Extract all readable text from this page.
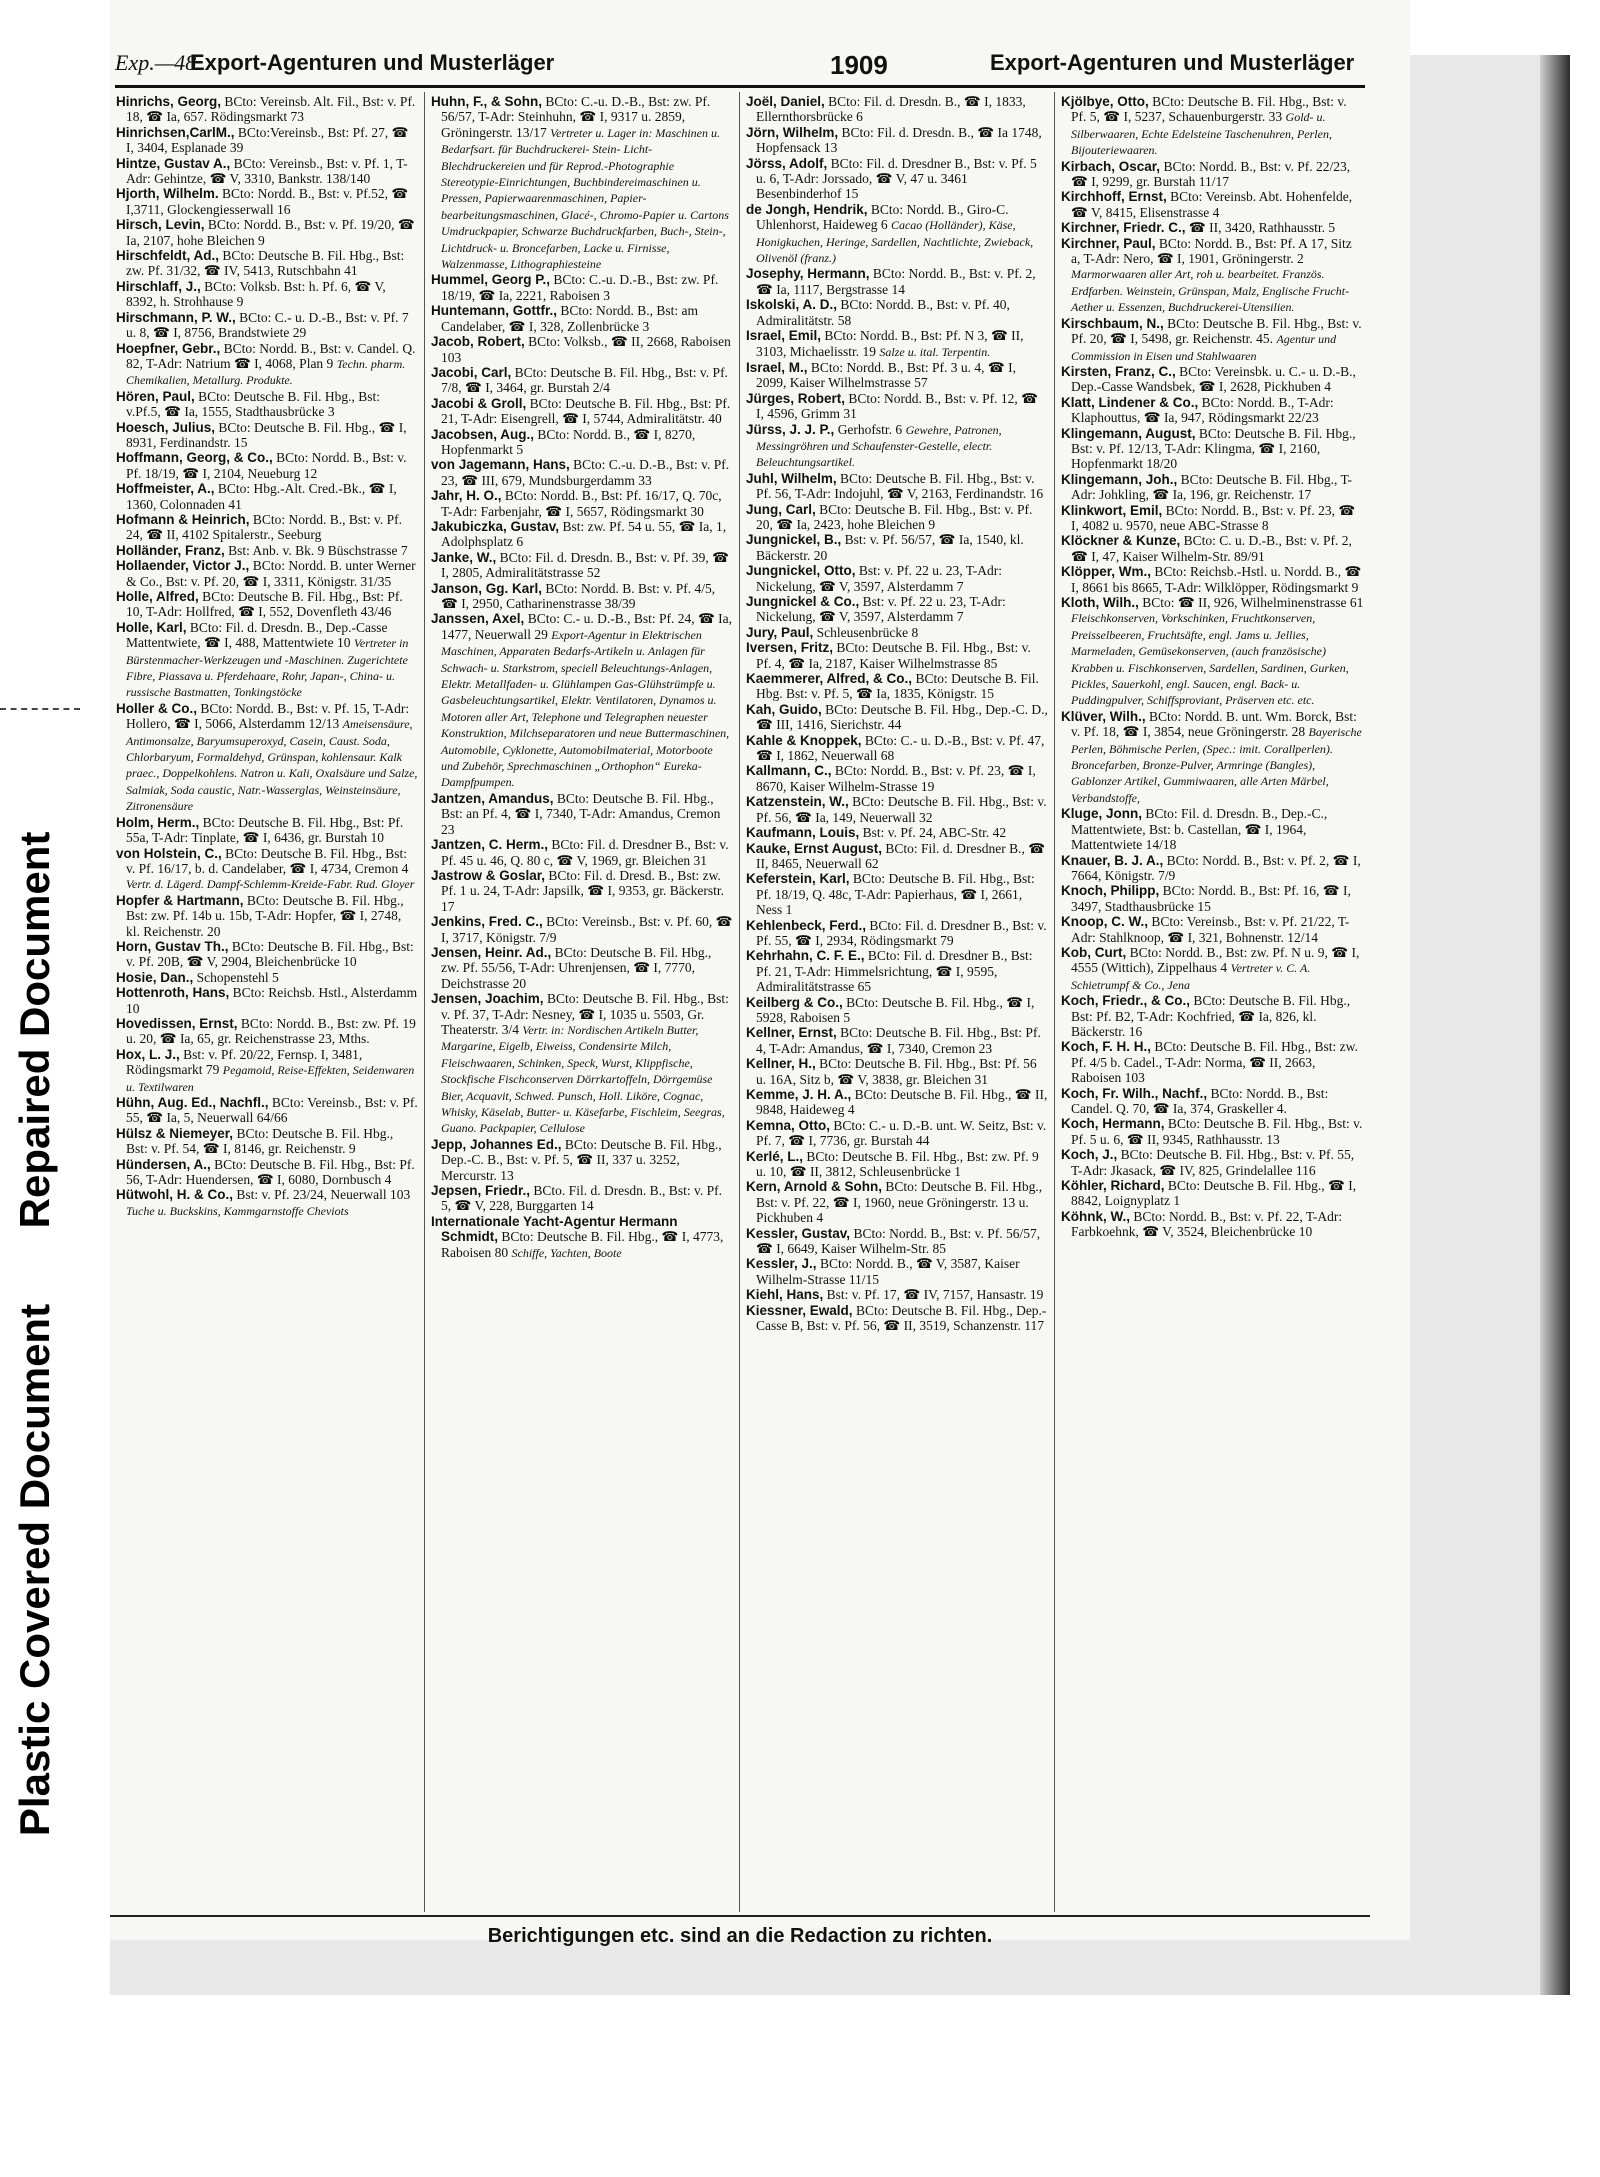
Repaired Document
Plastic Covered Document
Exp.—48
Export-Agenturen und Musterläger	1909	Export-Agenturen und Musterläger

Hinrichs, Georg, BCto: Vereinsb. Alt. Fil., Bst: v. Pf. 18, ☎ Ia, 657. Rödingsmarkt 73

Hinrichsen,CarlM., BCto:Vereinsb., Bst: Pf. 27, ☎ I, 3404, Esplanade 39

Hintze, Gustav A., BCto: Vereinsb., Bst: v. Pf. 1, T-Adr: Gehintze, ☎ V, 3310, Bankstr. 138/140

Hjorth, Wilhelm. BCto: Nordd. B., Bst: v. Pf.52, ☎ I,3711, Glockengiesserwall 16

Hirsch, Levin, BCto: Nordd. B., Bst: v. Pf. 19/20, ☎ Ia, 2107, hohe Bleichen 9

Hirschfeldt, Ad., BCto: Deutsche B. Fil. Hbg., Bst: zw. Pf. 31/32, ☎ IV, 5413, Rutschbahn 41

Hirschlaff, J., BCto: Volksb. Bst: h. Pf. 6, ☎ V, 8392, h. Strohhause 9

Hirschmann, P. W., BCto: C.- u. D.-B., Bst: v. Pf. 7 u. 8, ☎ I, 8756, Brandstwiete 29

Hoepfner, Gebr., BCto: Nordd. B., Bst: v. Candel. Q. 82, T-Adr: Natrium ☎ I, 4068, Plan 9 Techn. pharm. Chemikalien, Metallurg. Produkte.

Hören, Paul, BCto: Deutsche B. Fil. Hbg., Bst: v.Pf.5, ☎ Ia, 1555, Stadthausbrücke 3

Hoesch, Julius, BCto: Deutsche B. Fil. Hbg., ☎ I, 8931, Ferdinandstr. 15

Hoffmann, Georg, & Co., BCto: Nordd. B., Bst: v. Pf. 18/19, ☎ I, 2104, Neueburg 12

Hoffmeister, A., BCto: Hbg.-Alt. Cred.-Bk., ☎ I, 1360, Colonnaden 41

Hofmann & Heinrich, BCto: Nordd. B., Bst: v. Pf. 24, ☎ II, 4102 Spitalerstr., Seeburg

Holländer, Franz, Bst: Anb. v. Bk. 9 Büschstrasse 7

Hollaender, Victor J., BCto: Nordd. B. unter Werner & Co., Bst: v. Pf. 20, ☎ I, 3311, Königstr. 31/35

Holle, Alfred, BCto: Deutsche B. Fil. Hbg., Bst: Pf. 10, T-Adr: Hollfred, ☎ I, 552, Dovenfleth 43/46

Holle, Karl, BCto: Fil. d. Dresdn. B., Dep.-Casse Mattentwiete, ☎ I, 488, Mattentwiete 10 Vertreter in Bürstenmacher-Werkzeugen und -Maschinen. Zugerichtete Fibre, Piassava u. Pferdehaare, Rohr, Japan-, China- u. russische Bastmatten, Tonkingstöcke

Holler & Co., BCto: Nordd. B., Bst: v. Pf. 15, T-Adr: Hollero, ☎ I, 5066, Alsterdamm 12/13 Ameisensäure, Antimonsalze, Baryumsuperoxyd, Casein, Caust. Soda, Chlorbaryum, Formaldehyd, Grünspan, kohlensaur. Kalk praec., Doppelkohlens. Natron u. Kali, Oxalsäure und Salze, Salmiak, Soda caustic, Natr.-Wasserglas, Weinsteinsäure, Zitronensäure

Holm, Herm., BCto: Deutsche B. Fil. Hbg., Bst: Pf. 55a, T-Adr: Tinplate, ☎ I, 6436, gr. Burstah 10

von Holstein, C., BCto: Deutsche B. Fil. Hbg., Bst: v. Pf. 16/17, b. d. Candelaber, ☎ I, 4734, Cremon 4 Vertr. d. Lägerd. Dampf-Schlemm-Kreide-Fabr. Rud. Gloyer

Hopfer & Hartmann, BCto: Deutsche B. Fil. Hbg., Bst: zw. Pf. 14b u. 15b, T-Adr: Hopfer, ☎ I, 2748, kl. Reichenstr. 20

Horn, Gustav Th., BCto: Deutsche B. Fil. Hbg., Bst: v. Pf. 20B, ☎ V, 2904, Bleichenbrücke 10

Hosie, Dan., Schopenstehl 5

Hottenroth, Hans, BCto: Reichsb. Hstl., Alsterdamm 10

Hovedissen, Ernst, BCto: Nordd. B., Bst: zw. Pf. 19 u. 20, ☎ Ia, 65, gr. Reichenstrasse 23, Mths.

Hox, L. J., Bst: v. Pf. 20/22, Fernsp. I, 3481, Rödingsmarkt 79 Pegamoid, Reise-Effekten, Seidenwaren u. Textilwaren

Hühn, Aug. Ed., Nachfl., BCto: Vereinsb., Bst: v. Pf. 55, ☎ Ia, 5, Neuerwall 64/66

Hülsz & Niemeyer, BCto: Deutsche B. Fil. Hbg., Bst: v. Pf. 54, ☎ I, 8146, gr. Reichenstr. 9

Hündersen, A., BCto: Deutsche B. Fil. Hbg., Bst: Pf. 56, T-Adr: Huendersen, ☎ I, 6080, Dornbusch 4

Hütwohl, H. & Co., Bst: v. Pf. 23/24, Neuerwall 103 Tuche u. Buckskins, Kammgarnstoffe Cheviots

Huhn, F., & Sohn, BCto: C.-u. D.-B., Bst: zw. Pf. 56/57, T-Adr: Steinhuhn, ☎ I, 9317 u. 2859, Gröningerstr. 13/17 Vertreter u. Lager in: Maschinen u. Bedarfsart. für Buchdruckerei- Stein- Licht- Blechdruckereien und für Reprod.-Photographie Stereotypie-Einrichtungen, Buchbindereimaschinen u. Pressen, Papierwaarenmaschinen, Papier-bearbeitungsmaschinen, Glacé-, Chromo-Papier u. Cartons Umdruckpapier, Schwarze Buchdruckfarben, Buch-, Stein-, Lichtdruck- u. Broncefarben, Lacke u. Firnisse, Walzenmasse, Lithographiesteine

Hummel, Georg P., BCto: C.-u. D.-B., Bst: zw. Pf. 18/19, ☎ Ia, 2221, Raboisen 3

Huntemann, Gottfr., BCto: Nordd. B., Bst: am Candelaber, ☎ I, 328, Zollenbrücke 3

Jacob, Robert, BCto: Volksb., ☎ II, 2668, Raboisen 103

Jacobi, Carl, BCto: Deutsche B. Fil. Hbg., Bst: v. Pf. 7/8, ☎ I, 3464, gr. Burstah 2/4

Jacobi & Groll, BCto: Deutsche B. Fil. Hbg., Bst: Pf. 21, T-Adr: Eisengrell, ☎ I, 5744, Admiralitätstr. 40

Jacobsen, Aug., BCto: Nordd. B., ☎ I, 8270, Hopfenmarkt 5

von Jagemann, Hans, BCto: C.-u. D.-B., Bst: v. Pf. 23, ☎ III, 679, Mundsburgerdamm 33

Jahr, H. O., BCto: Nordd. B., Bst: Pf. 16/17, Q. 70c, T-Adr: Farbenjahr, ☎ I, 5657, Rödingsmarkt 30

Jakubiczka, Gustav, Bst: zw. Pf. 54 u. 55, ☎ Ia, 1, Adolphsplatz 6

Janke, W., BCto: Fil. d. Dresdn. B., Bst: v. Pf. 39, ☎ I, 2805, Admiralitätstrasse 52

Janson, Gg. Karl, BCto: Nordd. B. Bst: v. Pf. 4/5, ☎ I, 2950, Catharinenstrasse 38/39

Janssen, Axel, BCto: C.- u. D.-B., Bst: Pf. 24, ☎ Ia, 1477, Neuerwall 29 Export-Agentur in Elektrischen Maschinen, Apparaten Bedarfs-Artikeln u. Anlagen für Schwach- u. Starkstrom, speciell Beleuchtungs-Anlagen, Elektr. Metallfaden- u. Glühlampen Gas-Glühstrümpfe u. Gasbeleuchtungsartikel, Elektr. Ventilatoren, Dynamos u. Motoren aller Art, Telephone und Telegraphen neuester Konstruktion, Milchseparatoren und neue Buttermaschinen, Automobile, Cyklonette, Automobilmaterial, Motorboote und Zubehör, Sprechmaschinen „Orthophon“ Eureka-Dampfpumpen.

Jantzen, Amandus, BCto: Deutsche B. Fil. Hbg., Bst: an Pf. 4, ☎ I, 7340, T-Adr: Amandus, Cremon 23

Jantzen, C. Herm., BCto: Fil. d. Dresdner B., Bst: v. Pf. 45 u. 46, Q. 80 c, ☎ V, 1969, gr. Bleichen 31

Jastrow & Goslar, BCto: Fil. d. Dresd. B., Bst: zw. Pf. 1 u. 24, T-Adr: Japsilk, ☎ I, 9353, gr. Bäckerstr. 17

Jenkins, Fred. C., BCto: Vereinsb., Bst: v. Pf. 60, ☎ I, 3717, Königstr. 7/9

Jensen, Heinr. Ad., BCto: Deutsche B. Fil. Hbg., zw. Pf. 55/56, T-Adr: Uhrenjensen, ☎ I, 7770, Deichstrasse 20

Jensen, Joachim, BCto: Deutsche B. Fil. Hbg., Bst: v. Pf. 37, T-Adr: Nesney, ☎ I, 1035 u. 5503, Gr. Theaterstr. 3/4 Vertr. in: Nordischen Artikeln Butter, Margarine, Eigelb, Eiweiss, Condensirte Milch, Fleischwaaren, Schinken, Speck, Wurst, Klippfische, Stockfische Fischconserven Dörrkartoffeln, Dörrgemüse Bier, Acquavit, Schwed. Punsch, Holl. Liköre, Cognac, Whisky, Käselab, Butter- u. Käsefarbe, Fischleim, Seegras, Guano. Packpapier, Cellulose

Jepp, Johannes Ed., BCto: Deutsche B. Fil. Hbg., Dep.-C. B., Bst: v. Pf. 5, ☎ II, 337 u. 3252, Mercurstr. 13

Jepsen, Friedr., BCto. Fil. d. Dresdn. B., Bst: v. Pf. 5, ☎ V, 228, Burggarten 14

Internationale Yacht-Agentur Hermann Schmidt, BCto: Deutsche B. Fil. Hbg., ☎ I, 4773, Raboisen 80 Schiffe, Yachten, Boote

Joël, Daniel, BCto: Fil. d. Dresdn. B., ☎ I, 1833, Ellernthorsbrücke 6

Jörn, Wilhelm, BCto: Fil. d. Dresdn. B., ☎ Ia 1748, Hopfensack 13

Jörss, Adolf, BCto: Fil. d. Dresdner B., Bst: v. Pf. 5 u. 6, T-Adr: Jorssado, ☎ V, 47 u. 3461 Besenbinderhof 15

de Jongh, Hendrik, BCto: Nordd. B., Giro-C. Uhlenhorst, Haideweg 6 Cacao (Holländer), Käse, Honigkuchen, Heringe, Sardellen, Nachtlichte, Zwieback, Olivenöl (franz.)

Josephy, Hermann, BCto: Nordd. B., Bst: v. Pf. 2, ☎ Ia, 1117, Bergstrasse 14

Iskolski, A. D., BCto: Nordd. B., Bst: v. Pf. 40, Admiralitätstr. 58

Israel, Emil, BCto: Nordd. B., Bst: Pf. N 3, ☎ II, 3103, Michaelisstr. 19 Salze u. ital. Terpentin.

Israel, M., BCto: Nordd. B., Bst: Pf. 3 u. 4, ☎ I, 2099, Kaiser Wilhelmstrasse 57

Jürges, Robert, BCto: Nordd. B., Bst: v. Pf. 12, ☎ I, 4596, Grimm 31

Jürss, J. J. P., Gerhofstr. 6 Gewehre, Patronen, Messingröhren und Schaufenster-Gestelle, electr. Beleuchtungsartikel.

Juhl, Wilhelm, BCto: Deutsche B. Fil. Hbg., Bst: v. Pf. 56, T-Adr: Indojuhl, ☎ V, 2163, Ferdinandstr. 16

Jung, Carl, BCto: Deutsche B. Fil. Hbg., Bst: v. Pf. 20, ☎ Ia, 2423, hohe Bleichen 9

Jungnickel, B., Bst: v. Pf. 56/57, ☎ Ia, 1540, kl. Bäckerstr. 20

Jungnickel, Otto, Bst: v. Pf. 22 u. 23, T-Adr: Nickelung, ☎ V, 3597, Alsterdamm 7

Jungnickel & Co., Bst: v. Pf. 22 u. 23, T-Adr: Nickelung, ☎ V, 3597, Alsterdamm 7

Jury, Paul, Schleusenbrücke 8

Iversen, Fritz, BCto: Deutsche B. Fil. Hbg., Bst: v. Pf. 4, ☎ Ia, 2187, Kaiser Wilhelmstrasse 85

Kaemmerer, Alfred, & Co., BCto: Deutsche B. Fil. Hbg. Bst: v. Pf. 5, ☎ Ia, 1835, Königstr. 15

Kah, Guido, BCto: Deutsche B. Fil. Hbg., Dep.-C. D., ☎ III, 1416, Sierichstr. 44

Kahle & Knoppek, BCto: C.- u. D.-B., Bst: v. Pf. 47, ☎ I, 1862, Neuerwall 68

Kallmann, C., BCto: Nordd. B., Bst: v. Pf. 23, ☎ I, 8670, Kaiser Wilhelm-Strasse 19

Katzenstein, W., BCto: Deutsche B. Fil. Hbg., Bst: v. Pf. 56, ☎ Ia, 149, Neuerwall 32

Kaufmann, Louis, Bst: v. Pf. 24, ABC-Str. 42

Kauke, Ernst August, BCto: Fil. d. Dresdner B., ☎ II, 8465, Neuerwall 62

Keferstein, Karl, BCto: Deutsche B. Fil. Hbg., Bst: Pf. 18/19, Q. 48c, T-Adr: Papierhaus, ☎ I, 2661, Ness 1

Kehlenbeck, Ferd., BCto: Fil. d. Dresdner B., Bst: v. Pf. 55, ☎ I, 2934, Rödingsmarkt 79

Kehrhahn, C. F. E., BCto: Fil. d. Dresdner B., Bst: Pf. 21, T-Adr: Himmelsrichtung, ☎ I, 9595, Admiralitätstrasse 65

Keilberg & Co., BCto: Deutsche B. Fil. Hbg., ☎ I, 5928, Raboisen 5

Kellner, Ernst, BCto: Deutsche B. Fil. Hbg., Bst: Pf. 4, T-Adr: Amandus, ☎ I, 7340, Cremon 23

Kellner, H., BCto: Deutsche B. Fil. Hbg., Bst: Pf. 56 u. 16A, Sitz b, ☎ V, 3838, gr. Bleichen 31

Kemme, J. H. A., BCto: Deutsche B. Fil. Hbg., ☎ II, 9848, Haideweg 4

Kemna, Otto, BCto: C.- u. D.-B. unt. W. Seitz, Bst: v. Pf. 7, ☎ I, 7736, gr. Burstah 44

Kerlé, L., BCto: Deutsche B. Fil. Hbg., Bst: zw. Pf. 9 u. 10, ☎ II, 3812, Schleusenbrücke 1

Kern, Arnold & Sohn, BCto: Deutsche B. Fil. Hbg., Bst: v. Pf. 22, ☎ I, 1960, neue Gröningerstr. 13 u. Pickhuben 4

Kessler, Gustav, BCto: Nordd. B., Bst: v. Pf. 56/57, ☎ I, 6649, Kaiser Wilhelm-Str. 85

Kessler, J., BCto: Nordd. B., ☎ V, 3587, Kaiser Wilhelm-Strasse 11/15

Kiehl, Hans, Bst: v. Pf. 17, ☎ IV, 7157, Hansastr. 19

Kiessner, Ewald, BCto: Deutsche B. Fil. Hbg., Dep.-Casse B, Bst: v. Pf. 56, ☎ II, 3519, Schanzenstr. 117

Kjölbye, Otto, BCto: Deutsche B. Fil. Hbg., Bst: v. Pf. 5, ☎ I, 5237, Schauenburgerstr. 33 Gold- u. Silberwaaren, Echte Edelsteine Taschenuhren, Perlen, Bijouteriewaaren.

Kirbach, Oscar, BCto: Nordd. B., Bst: v. Pf. 22/23, ☎ I, 9299, gr. Burstah 11/17

Kirchhoff, Ernst, BCto: Vereinsb. Abt. Hohenfelde, ☎ V, 8415, Elisenstrasse 4

Kirchner, Friedr. C., ☎ II, 3420, Rathhausstr. 5

Kirchner, Paul, BCto: Nordd. B., Bst: Pf. A 17, Sitz a, T-Adr: Nero, ☎ I, 1901, Gröningerstr. 2 Marmorwaaren aller Art, roh u. bearbeitet. Französ. Erdfarben. Weinstein, Grünspan, Malz, Englische Frucht-Aether u. Essenzen, Buchdruckerei-Utensilien.

Kirschbaum, N., BCto: Deutsche B. Fil. Hbg., Bst: v. Pf. 20, ☎ I, 5498, gr. Reichenstr. 45. Agentur und Commission in Eisen und Stahlwaaren

Kirsten, Franz, C., BCto: Vereinsbk. u. C.- u. D.-B., Dep.-Casse Wandsbek, ☎ I, 2628, Pickhuben 4

Klatt, Lindener & Co., BCto: Nordd. B., T-Adr: Klaphouttus, ☎ Ia, 947, Rödingsmarkt 22/23

Klingemann, August, BCto: Deutsche B. Fil. Hbg., Bst: v. Pf. 12/13, T-Adr: Klingma, ☎ I, 2160, Hopfenmarkt 18/20

Klingemann, Joh., BCto: Deutsche B. Fil. Hbg., T-Adr: Johkling, ☎ Ia, 196, gr. Reichenstr. 17

Klinkwort, Emil, BCto: Nordd. B., Bst: v. Pf. 23, ☎ I, 4082 u. 9570, neue ABC-Strasse 8

Klöckner & Kunze, BCto: C. u. D.-B., Bst: v. Pf. 2, ☎ I, 47, Kaiser Wilhelm-Str. 89/91

Klöpper, Wm., BCto: Reichsb.-Hstl. u. Nordd. B., ☎ I, 8661 bis 8665, T-Adr: Wilklöpper, Rödingsmarkt 9

Kloth, Wilh., BCto: ☎ II, 926, Wilhelminenstrasse 61 Fleischkonserven, Vorkschinken, Fruchtkonserven, Preisselbeeren, Fruchtsäfte, engl. Jams u. Jellies, Marmeladen, Gemüsekonserven, (auch französische) Krabben u. Fischkonserven, Sardellen, Sardinen, Gurken, Pickles, Sauerkohl, engl. Saucen, engl. Back- u. Puddingpulver, Schiffsproviant, Präserven etc. etc.

Klüver, Wilh., BCto: Nordd. B. unt. Wm. Borck, Bst: v. Pf. 18, ☎ I, 3854, neue Gröningerstr. 28 Bayerische Perlen, Böhmische Perlen, (Spec.: imit. Corallperlen). Broncefarben, Bronze-Pulver, Armringe (Bangles), Gablonzer Artikel, Gummiwaaren, alle Arten Märbel, Verbandstoffe,

Kluge, Jonn, BCto: Fil. d. Dresdn. B., Dep.-C., Mattentwiete, Bst: b. Castellan, ☎ I, 1964, Mattentwiete 14/18

Knauer, B. J. A., BCto: Nordd. B., Bst: v. Pf. 2, ☎ I, 7664, Königstr. 7/9

Knoch, Philipp, BCto: Nordd. B., Bst: Pf. 16, ☎ I, 3497, Stadthausbrücke 15

Knoop, C. W., BCto: Vereinsb., Bst: v. Pf. 21/22, T-Adr: Stahlknoop, ☎ I, 321, Bohnenstr. 12/14

Kob, Curt, BCto: Nordd. B., Bst: zw. Pf. N u. 9, ☎ I, 4555 (Wittich), Zippelhaus 4 Vertreter v. C. A. Schietrumpf & Co., Jena

Koch, Friedr., & Co., BCto: Deutsche B. Fil. Hbg., Bst: Pf. B2, T-Adr: Kochfried, ☎ Ia, 826, kl. Bäckerstr. 16

Koch, F. H. H., BCto: Deutsche B. Fil. Hbg., Bst: zw. Pf. 4/5 b. Cadel., T-Adr: Norma, ☎ II, 2663, Raboisen 103

Koch, Fr. Wilh., Nachf., BCto: Nordd. B., Bst: Candel. Q. 70, ☎ Ia, 374, Graskeller 4.

Koch, Hermann, BCto: Deutsche B. Fil. Hbg., Bst: v. Pf. 5 u. 6, ☎ II, 9345, Rathhausstr. 13

Koch, J., BCto: Deutsche B. Fil. Hbg., Bst: v. Pf. 55, T-Adr: Jkasack, ☎ IV, 825, Grindelallee 116

Köhler, Richard, BCto: Deutsche B. Fil. Hbg., ☎ I, 8842, Loignyplatz 1

Köhnk, W., BCto: Nordd. B., Bst: v. Pf. 22, T-Adr: Farbkoehnk, ☎ V, 3524, Bleichenbrücke 10

Berichtigungen etc. sind an die Redaction zu richten.
